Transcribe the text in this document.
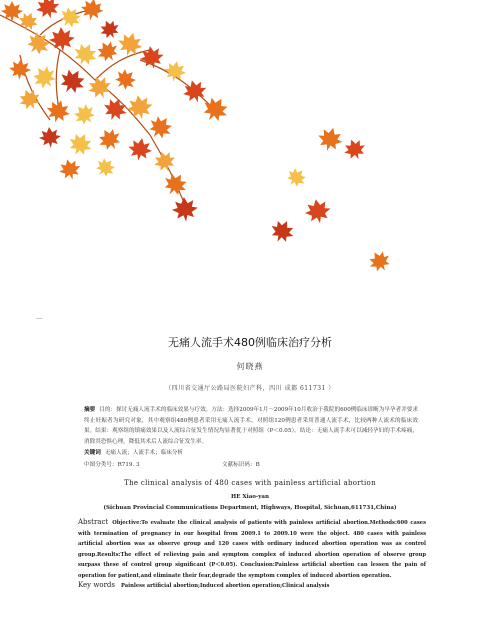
—
无痛人流手术480例临床治疗分析
何晓燕
（四川省交通厅公路局医院妇产科，四川 成都 611731 ）
摘要 目的：探讨无痛人流手术的临床效果与疗效。方法：选择2009年1月～2009年10月收治于我院的600例临床诊断为早孕者并要求终止妊娠者为研究对象，其中观察组480例患者采用无痛人流手术，对照组120例患者采用普通人流手术，比较两种人流术的临床效果。结果：观察组的镇痛效果以及人流综合征发生情况均显著优于对照组（P＜0.05）。结论：无痛人流手术可以减轻孕妇的手术疼痛，消除其恐惧心理，降低其术后人流综合征发生率。
关键词 无痛人流；人流手术；临床分析
中图分类号：R719. 3	文献标识码：B
The clinical analysis of 480 cases with painless artificial abortion
HE Xiao-yan
(Sichuan Provincial Communications Department, Highways, Hospital, Sichuan,611731,China)
Abstract Objective:To evaluate the clinical analysis of patients with painless artificial abortion.Methods:600 cases with termination of pregnancy in our hospital from 2009.1 to 2009.10 were the object. 480 cases with painless artificial abortion was as observe group and 120 cases with ordinary induced abortion operation was as control group.Results:The effect of relieving pain and symptom complex of induced abortion operation of observe group surpass these of control group significant (P＜0.05). Conclusion:Painless artificial abortion can lessen the pain of operation for patient,and eliminate their fear,degrade the symptom complex of induced abortion operation.
Key words Painless artificial abortion;Induced abortion operation;Clinical analysis
